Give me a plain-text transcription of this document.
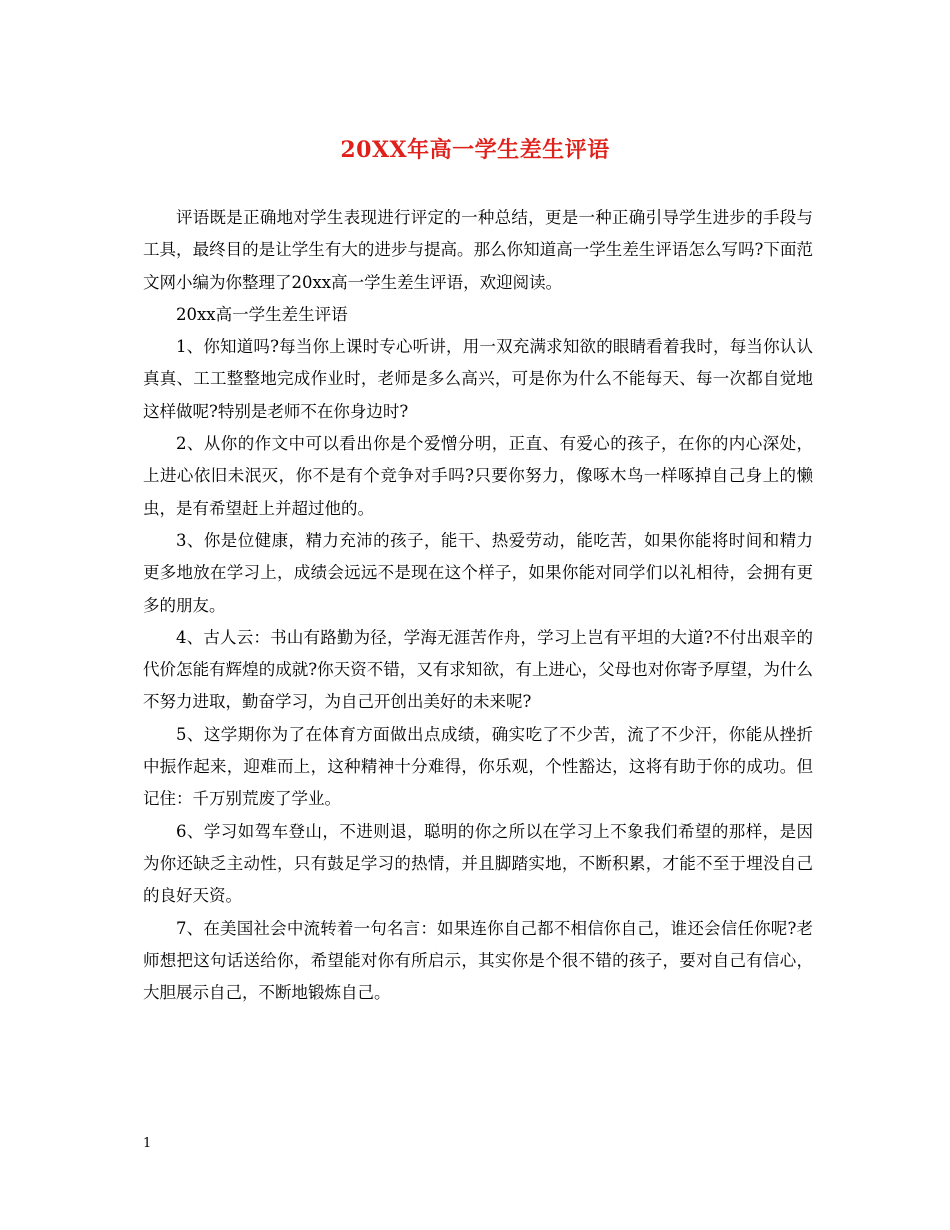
20XX年高一学生差生评语

评语既是正确地对学生表现进行评定的一种总结，更是一种正确引导学生进步的手段与工具，最终目的是让学生有大的进步与提高。那么你知道高一学生差生评语怎么写吗?下面范文网小编为你整理了20xx高一学生差生评语，欢迎阅读。

20xx高一学生差生评语

1、你知道吗?每当你上课时专心听讲，用一双充满求知欲的眼睛看着我时，每当你认认真真、工工整整地完成作业时，老师是多么高兴，可是你为什么不能每天、每一次都自觉地这样做呢?特别是老师不在你身边时?

2、从你的作文中可以看出你是个爱憎分明，正直、有爱心的孩子，在你的内心深处，上进心依旧未泯灭，你不是有个竞争对手吗?只要你努力，像啄木鸟一样啄掉自己身上的懒虫，是有希望赶上并超过他的。

3、你是位健康，精力充沛的孩子，能干、热爱劳动，能吃苦，如果你能将时间和精力更多地放在学习上，成绩会远远不是现在这个样子，如果你能对同学们以礼相待，会拥有更多的朋友。

4、古人云：书山有路勤为径，学海无涯苦作舟，学习上岂有平坦的大道?不付出艰辛的代价怎能有辉煌的成就?你天资不错，又有求知欲，有上进心，父母也对你寄予厚望，为什么不努力进取，勤奋学习，为自己开创出美好的未来呢?

5、这学期你为了在体育方面做出点成绩，确实吃了不少苦，流了不少汗，你能从挫折中振作起来，迎难而上，这种精神十分难得，你乐观，个性豁达，这将有助于你的成功。但记住：千万别荒废了学业。

6、学习如驾车登山，不进则退，聪明的你之所以在学习上不象我们希望的那样，是因为你还缺乏主动性，只有鼓足学习的热情，并且脚踏实地，不断积累，才能不至于埋没自己的良好天资。

7、在美国社会中流转着一句名言：如果连你自己都不相信你自己，谁还会信任你呢?老师想把这句话送给你，希望能对你有所启示，其实你是个很不错的孩子，要对自己有信心，大胆展示自己，不断地锻炼自己。

1
